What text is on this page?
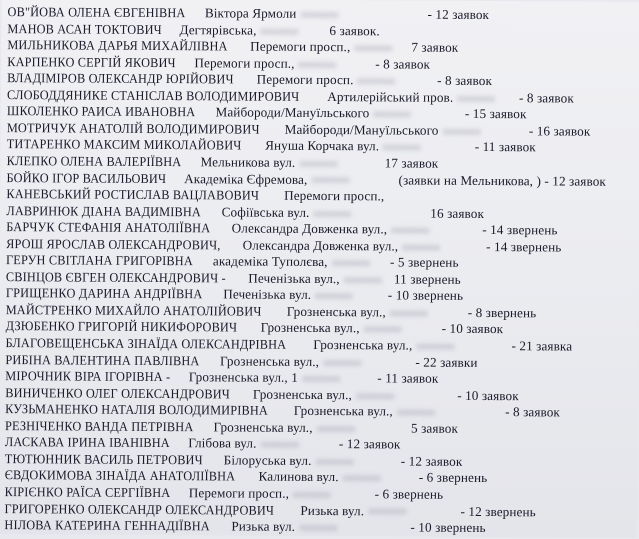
ОВ"ЙОВА ОЛЕНА ЄВГЕНІВНА Віктора Ярмоли	- 12 заявок
МАНОВ АСАН ТОКТОВИЧ Дегтярівська,	6 заявок.
МИЛЬНИКОВА ДАРЬЯ МИХАЙЛІВНА Перемоги просп.,	7 заявок
КАРПЕНКО СЕРГІЙ ЯКОВИЧ Перемоги просп.,	- 8 заявок
ВЛАДІМІРОВ ОЛЕКСАНДР ЮРІЙОВИЧ Перемоги просп.	- 8 заявок
СЛОБОДДЯНИКЕ СТАНІСЛАВ ВОЛОДИМИРОВИЧ Артилерійський пров.	- 8 заявок
ШКОЛЕНКО РАИСА ИВАНОВНА Майбороди/Мануїльського	- 15 заявок
МОТРИЧУК АНАТОЛІЙ ВОЛОДИМИРОВИЧ Майбороди/Мануїльського	- 16 заявок
ТИТАРЕНКО МАКСИМ МИКОЛАЙОВИЧ Януша Корчака вул.	- 11 заявок
КЛЕПКО ОЛЕНА ВАЛЕРІЇВНА Мельникова вул.	17 заявок
БОЙКО ІГОР ВАСИЛЬОВИЧ Академіка Єфремова,	(заявки на Мельникова, ) - 12 заявок
КАНЕВСЬКИЙ РОСТИСЛАВ ВАЦЛАВОВИЧ Перемоги просп.,
ЛАВРИНЮК ДІАНА ВАДИМІВНА Софіївська вул.	16 заявок
БАРЧУК СТЕФАНІЯ АНАТОЛІЇВНА Олександра Довженка вул.,	- 14 звернень
ЯРОШ ЯРОСЛАВ ОЛЕКСАНДРОВИЧ, Олександра Довженка вул.,	- 14 звернень
ГЕРУН СВІТЛАНА ГРИГОРІВНА академіка Туполєва,	- 5 звернень
СВІНЦОВ ЄВГЕН ОЛЕКСАНДРОВИЧ - Печенізька вул.,	11 звернень
ГРИЩЕНКО ДАРИНА АНДРІЇВНА Печенізька вул.	- 10 звернень
МАЙСТРЕНКО МИХАЙЛО АНАТОЛІЙОВИЧ Грозненська вул.,	- 8 звернень
ДЗЮБЕНКО ГРИГОРІЙ НИКИФОРОВИЧ Грозненська вул.,	- 10 заявок
БЛАГОВЕЩЕНСЬКА ЗІНАЇДА ОЛЕКСАНДРІВНА Грозненська вул.,	- 21 заявка
РИБІНА ВАЛЕНТИНА ПАВЛІВНА Грозненська вул.,	- 22 заявки
МІРОЧНИК ВІРА ІГОРІВНА - Грозненська вул., 1	- 11 заявок
ВИНИЧЕНКО ОЛЕГ ОЛЕКСАНДРОВИЧ Грозненська вул.,	- 10 заявок
КУЗЬМАНЕНКО НАТАЛІЯ ВОЛОДИМИРІВНА Грозненська вул.,	- 8 заявок
РЕЗНІЧЕНКО ВАНДА ПЕТРІВНА Грозненська вул.,	5 заявок
ЛАСКАВА ІРИНА ІВАНІВНА Глібова вул.	- 12 заявок
ТЮТЮННИК ВАСИЛЬ ПЕТРОВИЧ Білоруська вул.	- 12 заявок
ЄВДОКИМОВА ЗІНАЇДА АНАТОЛІЇВНА Калинова вул.	- 6 звернень
КІРІЄНКО РАЇСА СЕРГІЇВНА Перемоги просп.,	- 6 звернень
ГРИГОРЕНКО ОЛЕКСАНДР ОЛЕКСАНДРОВИЧ Ризька вул.	- 12 звернень
НІЛОВА КАТЕРИНА ГЕННАДІЇВНА Ризька вул.	- 10 звернень
